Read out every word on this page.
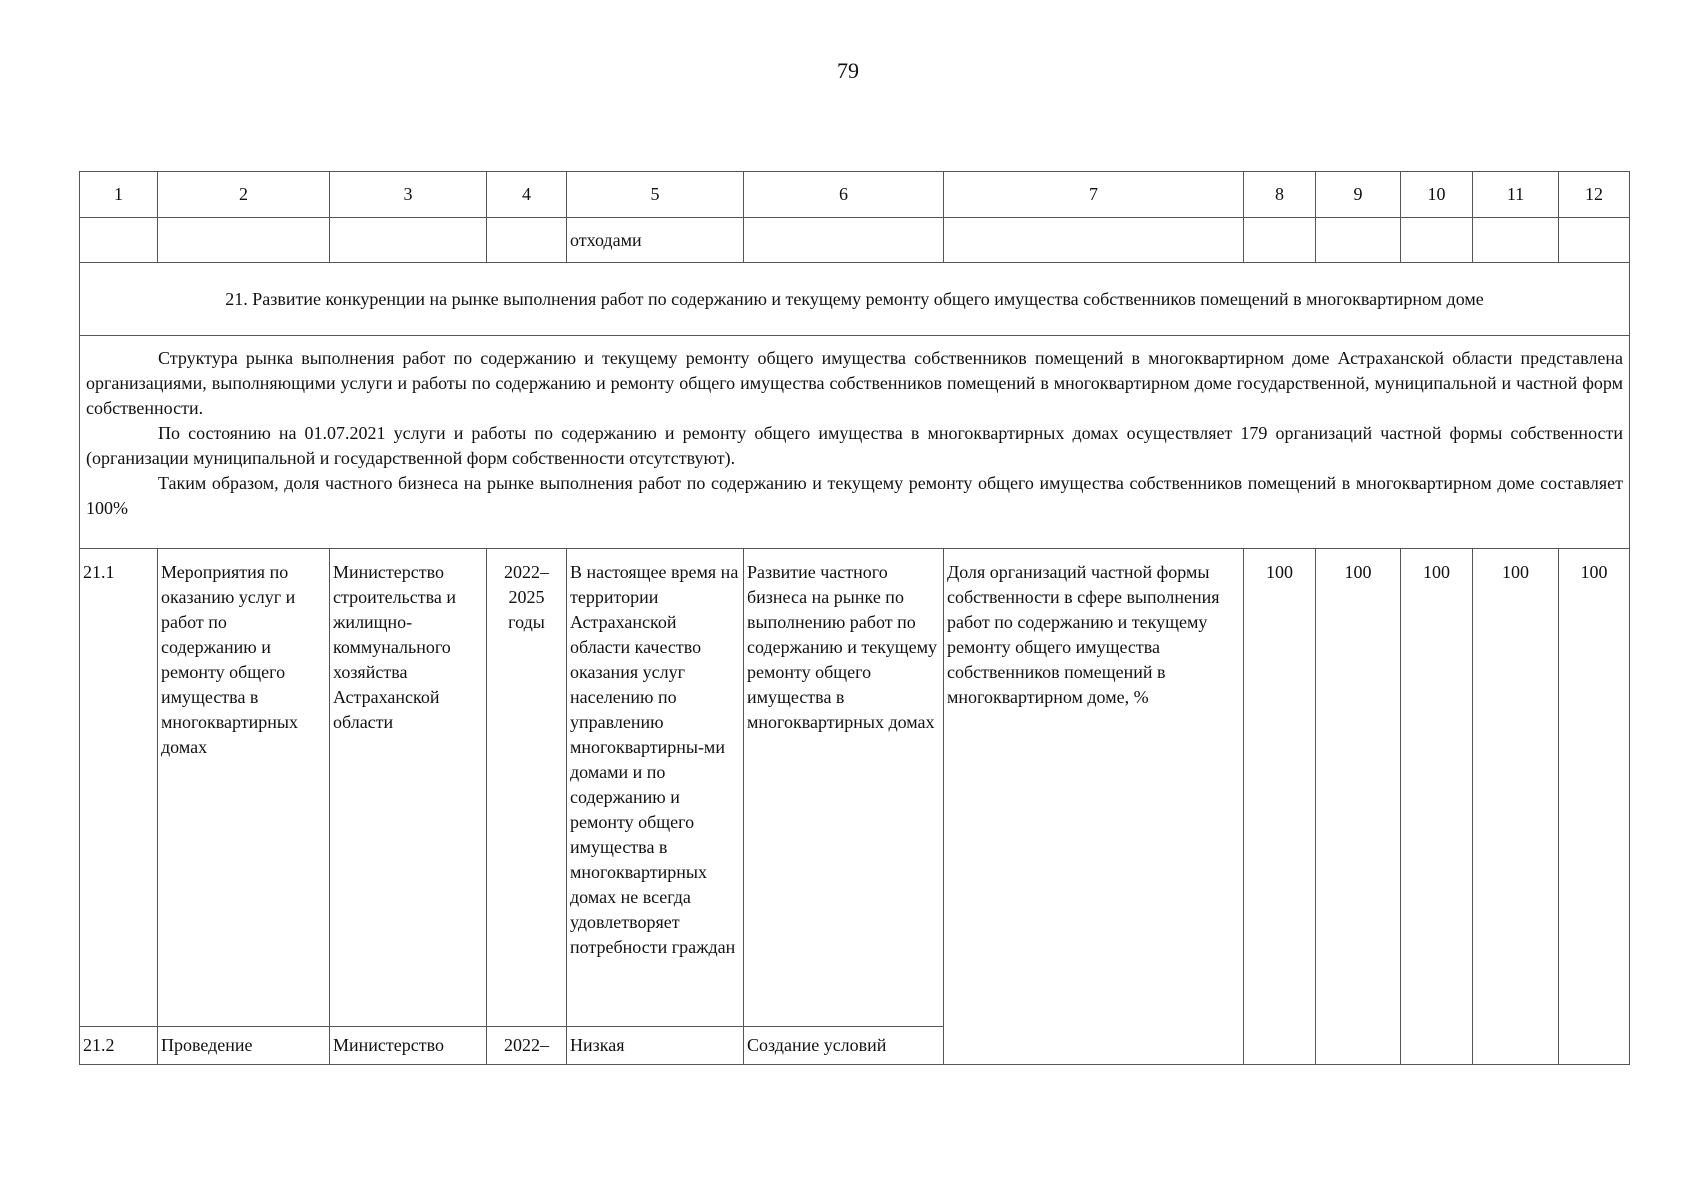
79
1	2	3	4	5	6	7	8	9	10	11	12
				отходами							
21. Развитие конкуренции на рынке выполнения работ по содержанию и текущему ремонту общего имущества собственников помещений в многоквартирном доме											

Структура рынка выполнения работ по содержанию и текущему ремонту общего имущества собственников помещений в многоквартирном доме Астраханской области представлена организациями, выполняющими услуги и работы по содержанию и ремонту общего имущества собственников помещений в многоквартирном доме государственной, муниципальной и частной форм собственности.

По состоянию на 01.07.2021 услуги и работы по содержанию и ремонту общего имущества в многоквартирных домах осуществляет 179 организаций частной формы собственности (организации муниципальной и государственной форм собственности отсутствуют).

Таким образом, доля частного бизнеса на рынке выполнения работ по содержанию и текущему ремонту общего имущества собственников помещений в многоквартирном доме составляет 100%											

21.1	Мероприятия по оказанию услуг и работ по содержанию и ремонту общего имущества в многоквартирных домах	Министерство строительства и жилищно-коммунального хозяйства Астраханской области	2022–2025 годы	В настоящее время на территории Астраханской области качество оказания услуг населению по управлению многоквартирны-ми домами и по содержанию и ремонту общего имущества в многоквартирных домах не всегда удовлетворяет потребности граждан	Развитие частного бизнеса на рынке по выполнению работ по содержанию и текущему ремонту общего имущества в многоквартирных домах	Доля организаций частной формы собственности в сфере выполнения работ по содержанию и текущему ремонту общего имущества собственников помещений в многоквартирном доме, %	100	100	100	100	100
21.2	Проведение	Министерство	2022–	Низкая	Создание условий						
